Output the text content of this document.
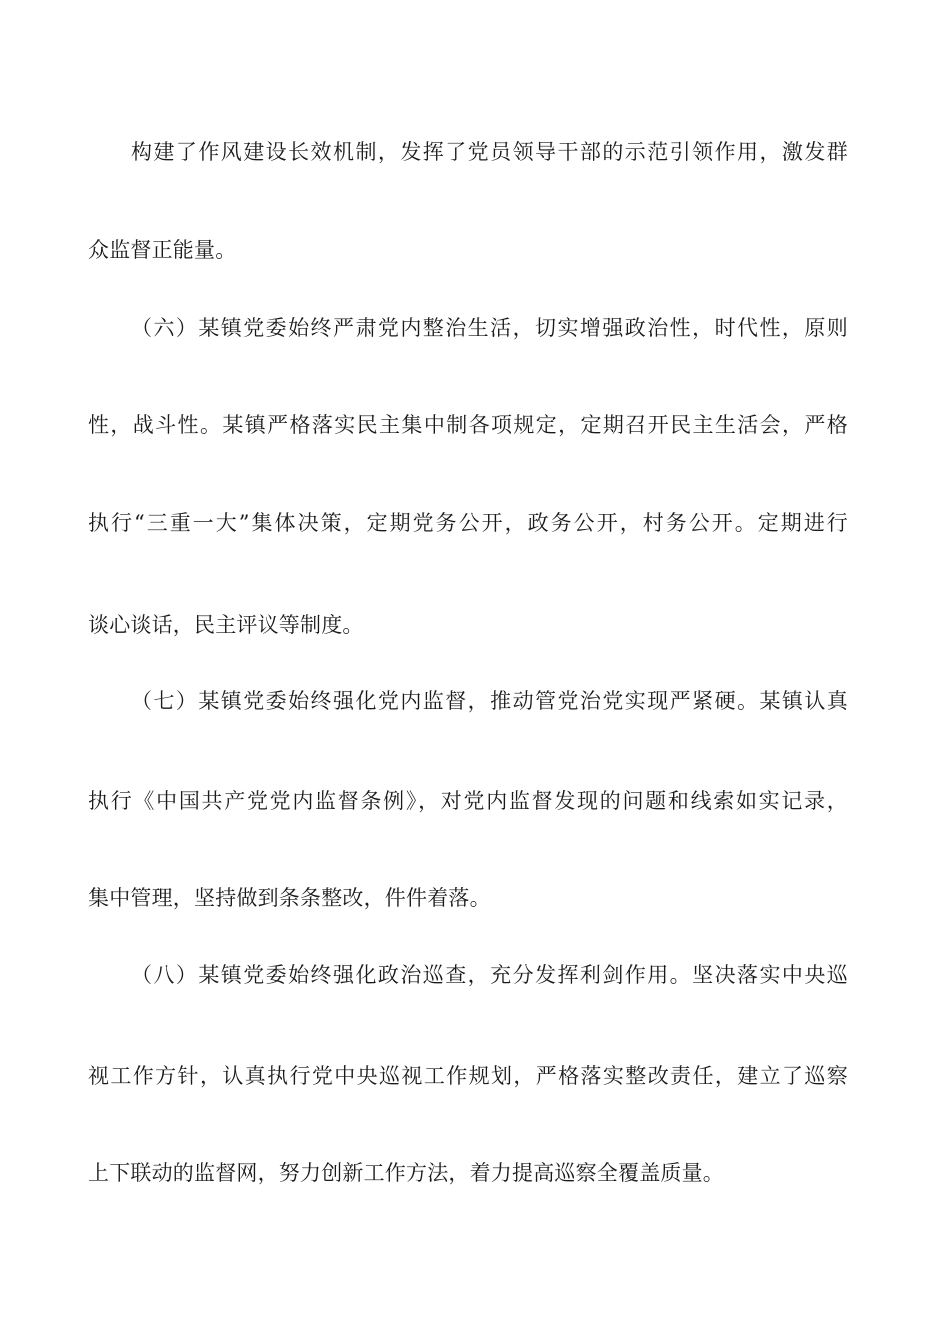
构建了作风建设长效机制，发挥了党员领导干部的示范引领作用，激发群
众监督正能量。
（六）某镇党委始终严肃党内整治生活，切实增强政治性，时代性，原则
性，战斗性。某镇严格落实民主集中制各项规定，定期召开民主生活会，严格
执行“三重一大”集体决策，定期党务公开，政务公开，村务公开。定期进行
谈心谈话，民主评议等制度。
（七）某镇党委始终强化党内监督，推动管党治党实现严紧硬。某镇认真
执行《中国共产党党内监督条例》，对党内监督发现的问题和线索如实记录，
集中管理，坚持做到条条整改，件件着落。
（八）某镇党委始终强化政治巡查，充分发挥利剑作用。坚决落实中央巡
视工作方针，认真执行党中央巡视工作规划，严格落实整改责任，建立了巡察
上下联动的监督网，努力创新工作方法，着力提高巡察全覆盖质量。
